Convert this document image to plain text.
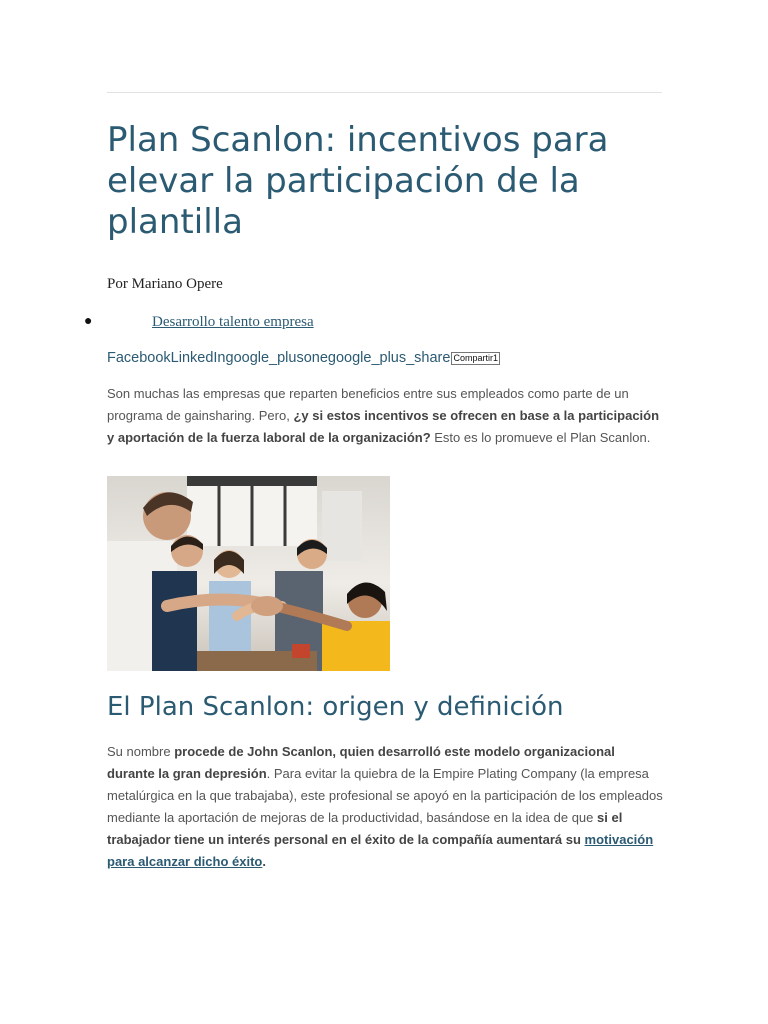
Plan Scanlon: incentivos para elevar la participación de la plantilla
Por Mariano Opere
●	Desarrollo talento empresa
FacebookLinkedIngoogle_plusonegoogle_plus_share Compartir1

Son muchas las empresas que reparten beneficios entre sus empleados como parte de un programa de gainsharing. Pero, ¿y si estos incentivos se ofrecen en base a la participación y aportación de la fuerza laboral de la organización? Esto es lo promueve el Plan Scanlon.

El Plan Scanlon: origen y definición

Su nombre procede de John Scanlon, quien desarrolló este modelo organizacional durante la gran depresión. Para evitar la quiebra de la Empire Plating Company (la empresa metalúrgica en la que trabajaba), este profesional se apoyó en la participación de los empleados mediante la aportación de mejoras de la productividad, basándose en la idea de que si el trabajador tiene un interés personal en el éxito de la compañía aumentará su motivación para alcanzar dicho éxito.
